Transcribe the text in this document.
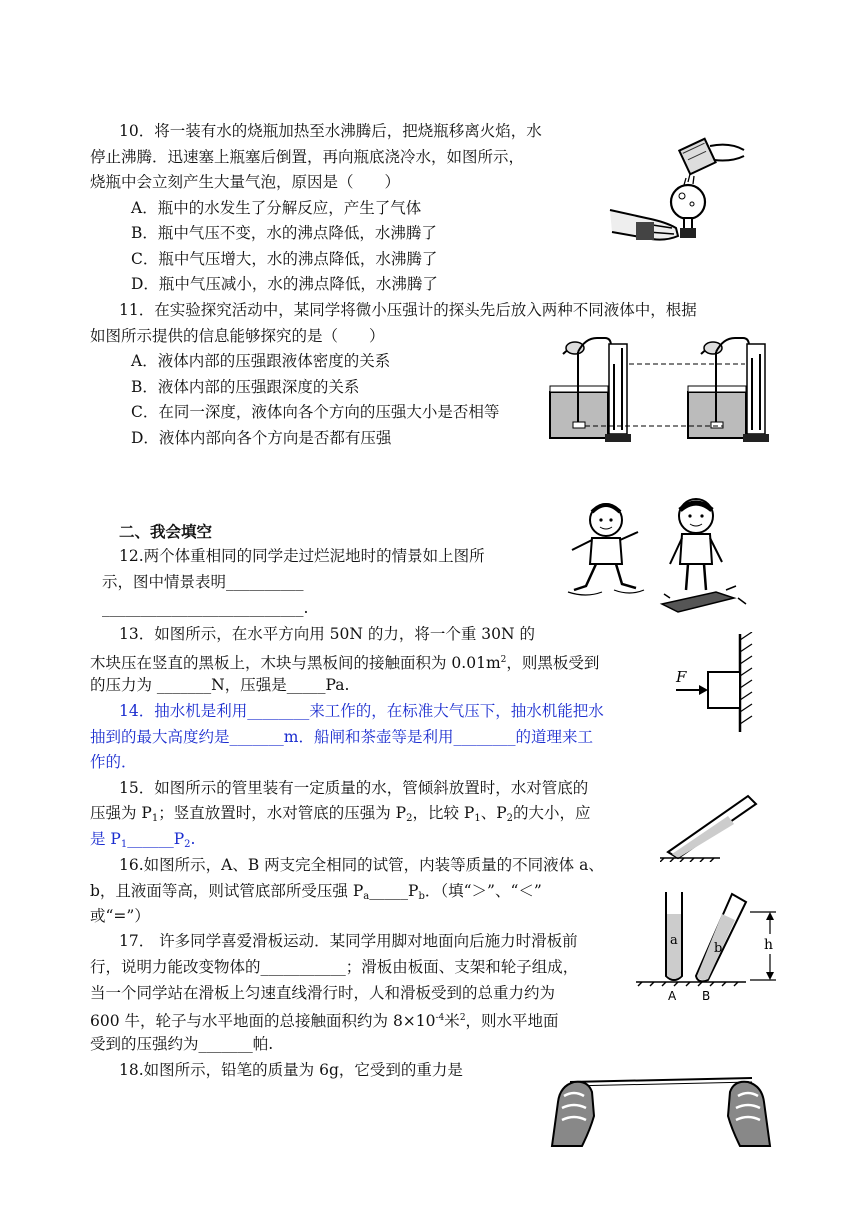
10．将一装有水的烧瓶加热至水沸腾后，把烧瓶移离火焰，水
停止沸腾．迅速塞上瓶塞后倒置，再向瓶底浇冷水，如图所示，
烧瓶中会立刻产生大量气泡，原因是（　　）
A．瓶中的水发生了分解反应，产生了气体
B．瓶中气压不变，水的沸点降低，水沸腾了
C．瓶中气压增大，水的沸点降低，水沸腾了
D．瓶中气压减小，水的沸点降低，水沸腾了
11．在实验探究活动中，某同学将微小压强计的探头先后放入两种不同液体中，根据
如图所示提供的信息能够探究的是（　　）
A．液体内部的压强跟液体密度的关系
B．液体内部的压强跟深度的关系
C．在同一深度，液体向各个方向的压强大小是否相等
D．液体内部向各个方向是否都有压强
二、我会填空
12.两个体重相同的同学走过烂泥地时的情景如上图所
示，图中情景表明__________
__________________________.
13．如图所示，在水平方向用 50N 的力，将一个重 30N 的
木块压在竖直的黑板上，木块与黑板间的接触面积为 $0.01m^2$，则黑板受到
的压力为 _______N，压强是_____Pa.	F
14．抽水机是利用________来工作的，在标准大气压下，抽水机能把水
抽到的最大高度约是_______m．船闸和茶壶等是利用________的道理来工
作的．
15．如图所示的管里装有一定质量的水，管倾斜放置时，水对管底的
压强为 $P_1$；竖直放置时，水对管底的压强为 $P_2$，比较 $P_1$、$P_2$的大小，应
是 $P_1\_\_\_\_\_\_P_2$.
16.如图所示，A、B 两支完全相同的试管，内装等质量的不同液体 a、
b，且液面等高，则试管底部所受压强 $P_a\_\_\_\_\_P_b$．（填“＞”、“＜”
或“=”）
a
b	h
A B
17． 许多同学喜爱滑板运动．某同学用脚对地面向后施力时滑板前
行，说明力能改变物体的___________；滑板由板面、支架和轮子组成，
当一个同学站在滑板上匀速直线滑行时，人和滑板受到的总重力约为
600 牛，轮子与水平地面的总接触面积约为 $8\times 10^{-4}$米$^2$，则水平地面
受到的压强约为_______帕.
18.如图所示，铅笔的质量为 6g，它受到的重力是
